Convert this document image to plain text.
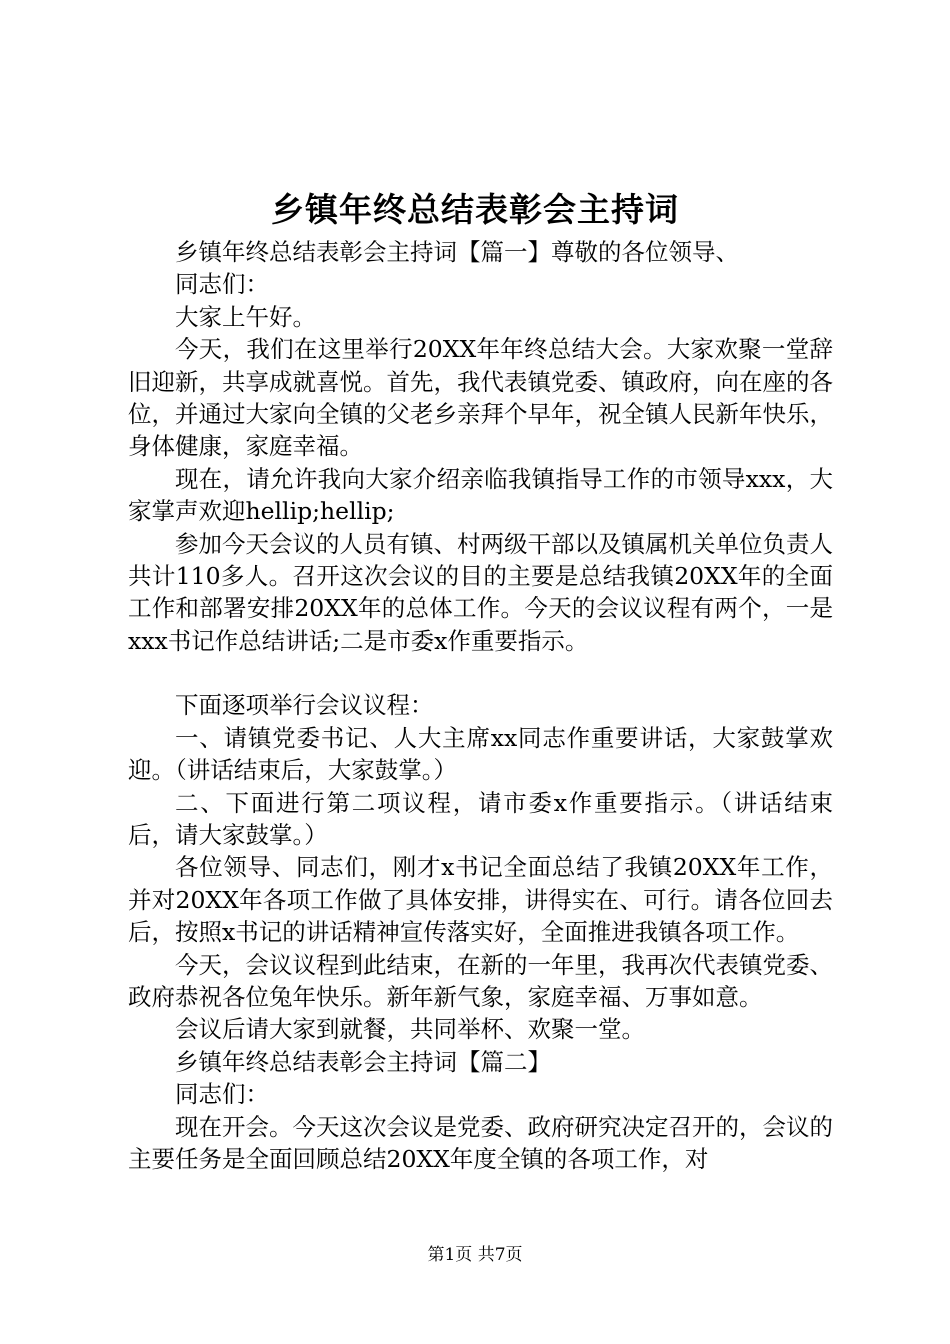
乡镇年终总结表彰会主持词

乡镇年终总结表彰会主持词【篇一】尊敬的各位领导、

同志们：

大家上午好。

今天，我们在这里举行20XX年年终总结大会。大家欢聚一堂辞旧迎新，共享成就喜悦。首先，我代表镇党委、镇政府，向在座的各位，并通过大家向全镇的父老乡亲拜个早年，祝全镇人民新年快乐，身体健康，家庭幸福。

现在，请允许我向大家介绍亲临我镇指导工作的市领导xxx，大家掌声欢迎hellip;hellip;

参加今天会议的人员有镇、村两级干部以及镇属机关单位负责人共计110多人。召开这次会议的目的主要是总结我镇20XX年的全面工作和部署安排20XX年的总体工作。今天的会议议程有两个，一是xxx书记作总结讲话;二是市委x作重要指示。

下面逐项举行会议议程：

一、请镇党委书记、人大主席xx同志作重要讲话，大家鼓掌欢迎。（讲话结束后，大家鼓掌。）

二、下面进行第二项议程，请市委x作重要指示。（讲话结束后，请大家鼓掌。）

各位领导、同志们，刚才x书记全面总结了我镇20XX年工作，并对20XX年各项工作做了具体安排，讲得实在、可行。请各位回去后，按照x书记的讲话精神宣传落实好，全面推进我镇各项工作。

今天，会议议程到此结束，在新的一年里，我再次代表镇党委、政府恭祝各位兔年快乐。新年新气象，家庭幸福、万事如意。

会议后请大家到就餐，共同举杯、欢聚一堂。

乡镇年终总结表彰会主持词【篇二】

同志们：

现在开会。今天这次会议是党委、政府研究决定召开的，会议的主要任务是全面回顾总结20XX年度全镇的各项工作，对

第1页 共7页
